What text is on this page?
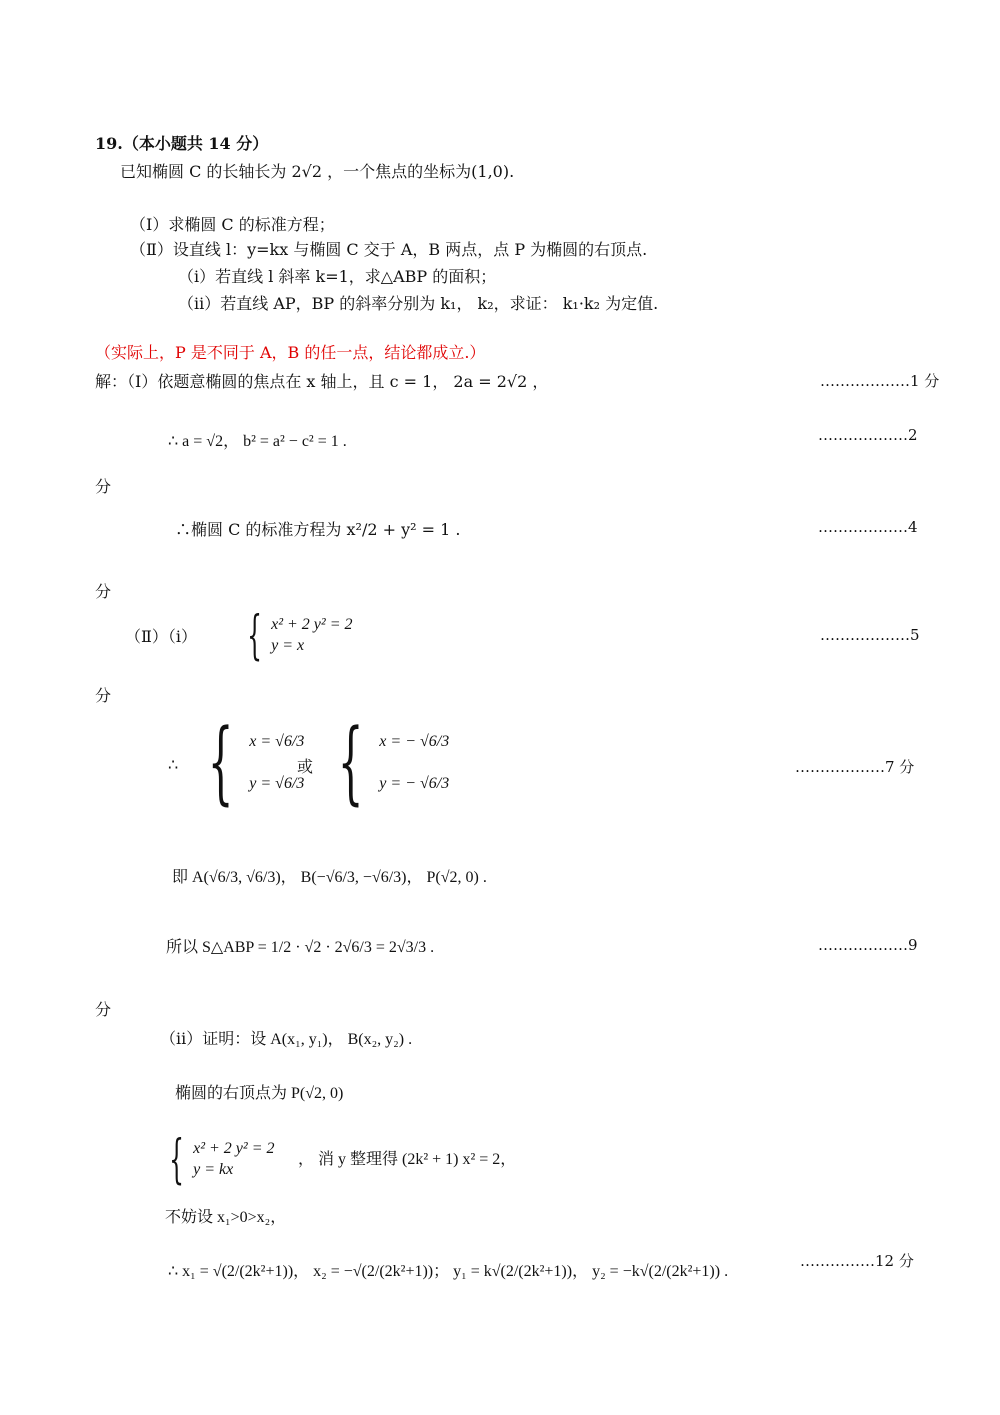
19.（本小题共 14 分）
已知椭圆 C 的长轴长为 2√2 ，一个焦点的坐标为(1,0).
（Ⅰ）求椭圆 C 的标准方程；
（Ⅱ）设直线 l：y=kx 与椭圆 C 交于 A，B 两点，点 P 为椭圆的右顶点.
（ⅰ）若直线 l 斜率 k=1，求△ABP 的面积；
（ⅱ）若直线 AP，BP 的斜率分别为 k₁， k₂，求证： k₁·k₂ 为定值.
（实际上，P 是不同于 A，B 的任一点，结论都成立.）
解：（Ⅰ）依题意椭圆的焦点在 x 轴上，且 c = 1， 2a = 2√2 ，	………………1 分
∴ a = √2， b² = a² − c² = 1 .	………………2
分
∴椭圆 C 的标准方程为 x²/2 + y² = 1 .	………………4
分
（Ⅱ）（ⅰ） { x² + 2 y² = 2
y = x
………………5
分
∴ { x = √6/3
y = √6/3
或 { x = − √6/3
y = − √6/3
………………7 分
即 A(√6/3, √6/3)， B(−√6/3, −√6/3)， P(√2, 0) .
所以 S△ABP = 1/2 · √2 · 2√6/3 = 2√3/3 .	………………9
分
（ⅱ）证明：设 A(x₁, y₁)， B(x₂, y₂) .
椭圆的右顶点为 P(√2, 0)
{ x² + 2 y² = 2
y = kx
， 消 y 整理得 (2k² + 1) x² = 2，
不妨设 x₁>0>x₂，
∴ x₁ = √(2/(2k²+1))， x₂ = −√(2/(2k²+1))； y₁ = k√(2/(2k²+1))， y₂ = −k√(2/(2k²+1)) .
……………12 分
